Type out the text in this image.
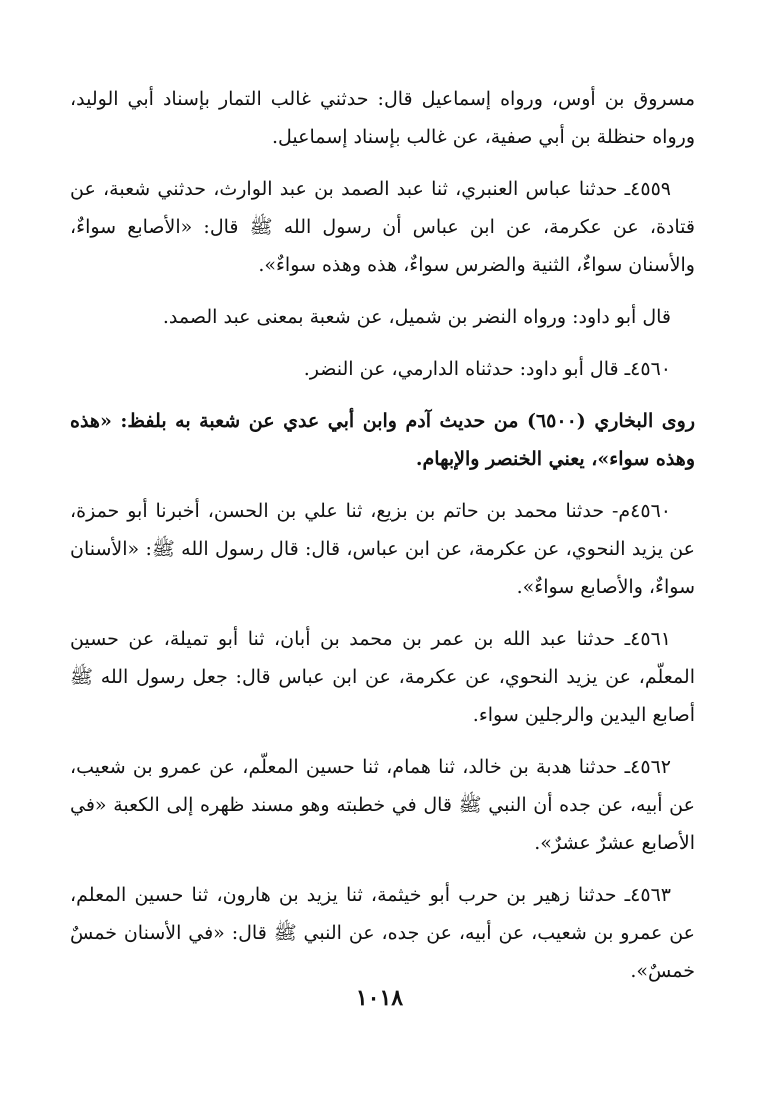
مسروق بن أوس، ورواه إسماعيل قال: حدثني غالب التمار بإسناد أبي الوليد، ورواه حنظلة بن أبي صفية، عن غالب بإسناد إسماعيل.

٤٥٥٩ـ حدثنا عباس العنبري، ثنا عبد الصمد بن عبد الوارث، حدثني شعبة، عن قتادة، عن عكرمة، عن ابن عباس أن رسول الله ﷺ قال: «الأصابع سواءٌ، والأسنان سواءٌ، الثنية والضرس سواءٌ، هذه وهذه سواءٌ».

قال أبو داود: ورواه النضر بن شميل، عن شعبة بمعنى عبد الصمد.

٤٥٦٠ـ قال أبو داود: حدثناه الدارمي، عن النضر.

روى البخاري (٦٥٠٠) من حديث آدم وابن أبي عدي عن شعبة به بلفظ: «هذه وهذه سواء»، يعني الخنصر والإبهام.

٤٥٦٠م- حدثنا محمد بن حاتم بن بزيع، ثنا علي بن الحسن، أخبرنا أبو حمزة، عن يزيد النحوي، عن عكرمة، عن ابن عباس، قال: قال رسول الله ﷺ: «الأسنان سواءٌ، والأصابع سواءٌ».

٤٥٦١ـ حدثنا عبد الله بن عمر بن محمد بن أبان، ثنا أبو تميلة، عن حسين المعلّم، عن يزيد النحوي، عن عكرمة، عن ابن عباس قال: جعل رسول الله ﷺ أصابع اليدين والرجلين سواء.

٤٥٦٢ـ حدثنا هدبة بن خالد، ثنا همام، ثنا حسين المعلّم، عن عمرو بن شعيب، عن أبيه، عن جده أن النبي ﷺ قال في خطبته وهو مسند ظهره إلى الكعبة «في الأصابع عشرٌ عشرٌ».

٤٥٦٣ـ حدثنا زهير بن حرب أبو خيثمة، ثنا يزيد بن هارون، ثنا حسين المعلم، عن عمرو بن شعيب، عن أبيه، عن جده، عن النبي ﷺ قال: «في الأسنان خمسٌ خمسٌ».

١٠١٨
